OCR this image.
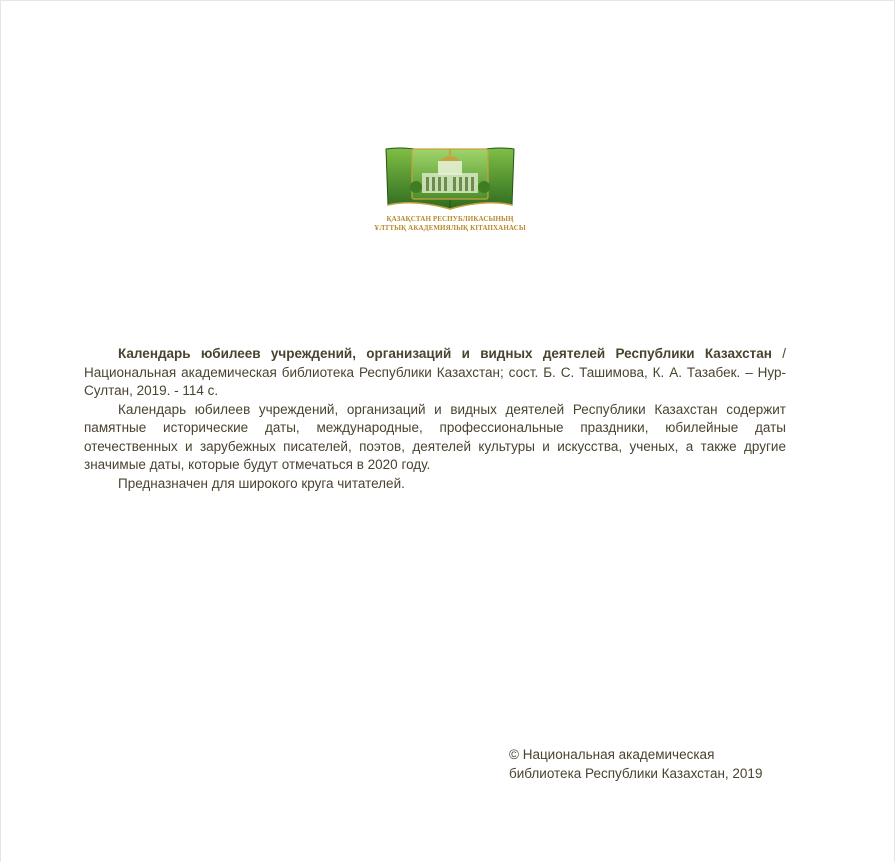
ҚАЗАҚСТАН РЕСПУБЛИКАСЫНЫҢ
ҰЛТТЫҚ АКАДЕМИЯЛЫҚ КІТАПХАНАСЫ

Календарь юбилеев учреждений, организаций и видных деятелей Республики Казахстан / Национальная академическая библиотека Республики Казахстан; сост. Б. С. Ташимова, К. А. Тазабек. – Нур-Султан, 2019. - 114 с.

Календарь юбилеев учреждений, организаций и видных деятелей Республики Казахстан содержит памятные исторические даты, международные, профессиональные праздники, юбилейные даты отечественных и зарубежных писателей, поэтов, деятелей культуры и искусства, ученых, а также другие значимые даты, которые будут отмечаться в 2020 году.

Предназначен для широкого круга читателей.

© Национальная академическая
библиотека Республики Казахстан, 2019
